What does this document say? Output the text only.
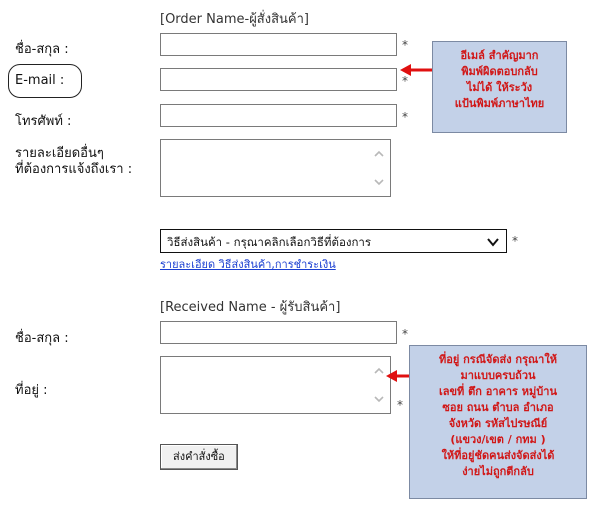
[Order Name-ผู้สั่งสินค้า]
ชื่อ-สกุล :	*
E-mail :	*
โทรศัพท์ :	*
รายละเอียดอื่นๆ
ที่ต้องการแจ้งถึงเรา :
อีเมล์ สำคัญมาก
พิมพ์ผิดตอบกลับ
ไม่ได้ ให้ระวัง
แป้นพิมพ์ภาษาไทย
วิธีส่งสินค้า - กรุณาคลิกเลือกวิธีที่ต้องการ	*
รายละเอียด วิธีส่งสินค้า,การชำระเงิน
[Received Name - ผู้รับสินค้า]
ชื่อ-สกุล :	*
ที่อยู่ :
*
ที่อยู่ กรณีจัดส่ง กรุณาให้
มาแบบครบถ้วน
เลขที่ ตึก อาคาร หมู่บ้าน
ซอย ถนน ตำบล อำเภอ
จังหวัด รหัสไปรษณีย์
(แขวง/เขต / กทม )
ให้ที่อยู่ชัดคนส่งจัดส่งได้
ง่ายไม่ถูกตีกลับ
ส่งคำสั่งซื้อ
